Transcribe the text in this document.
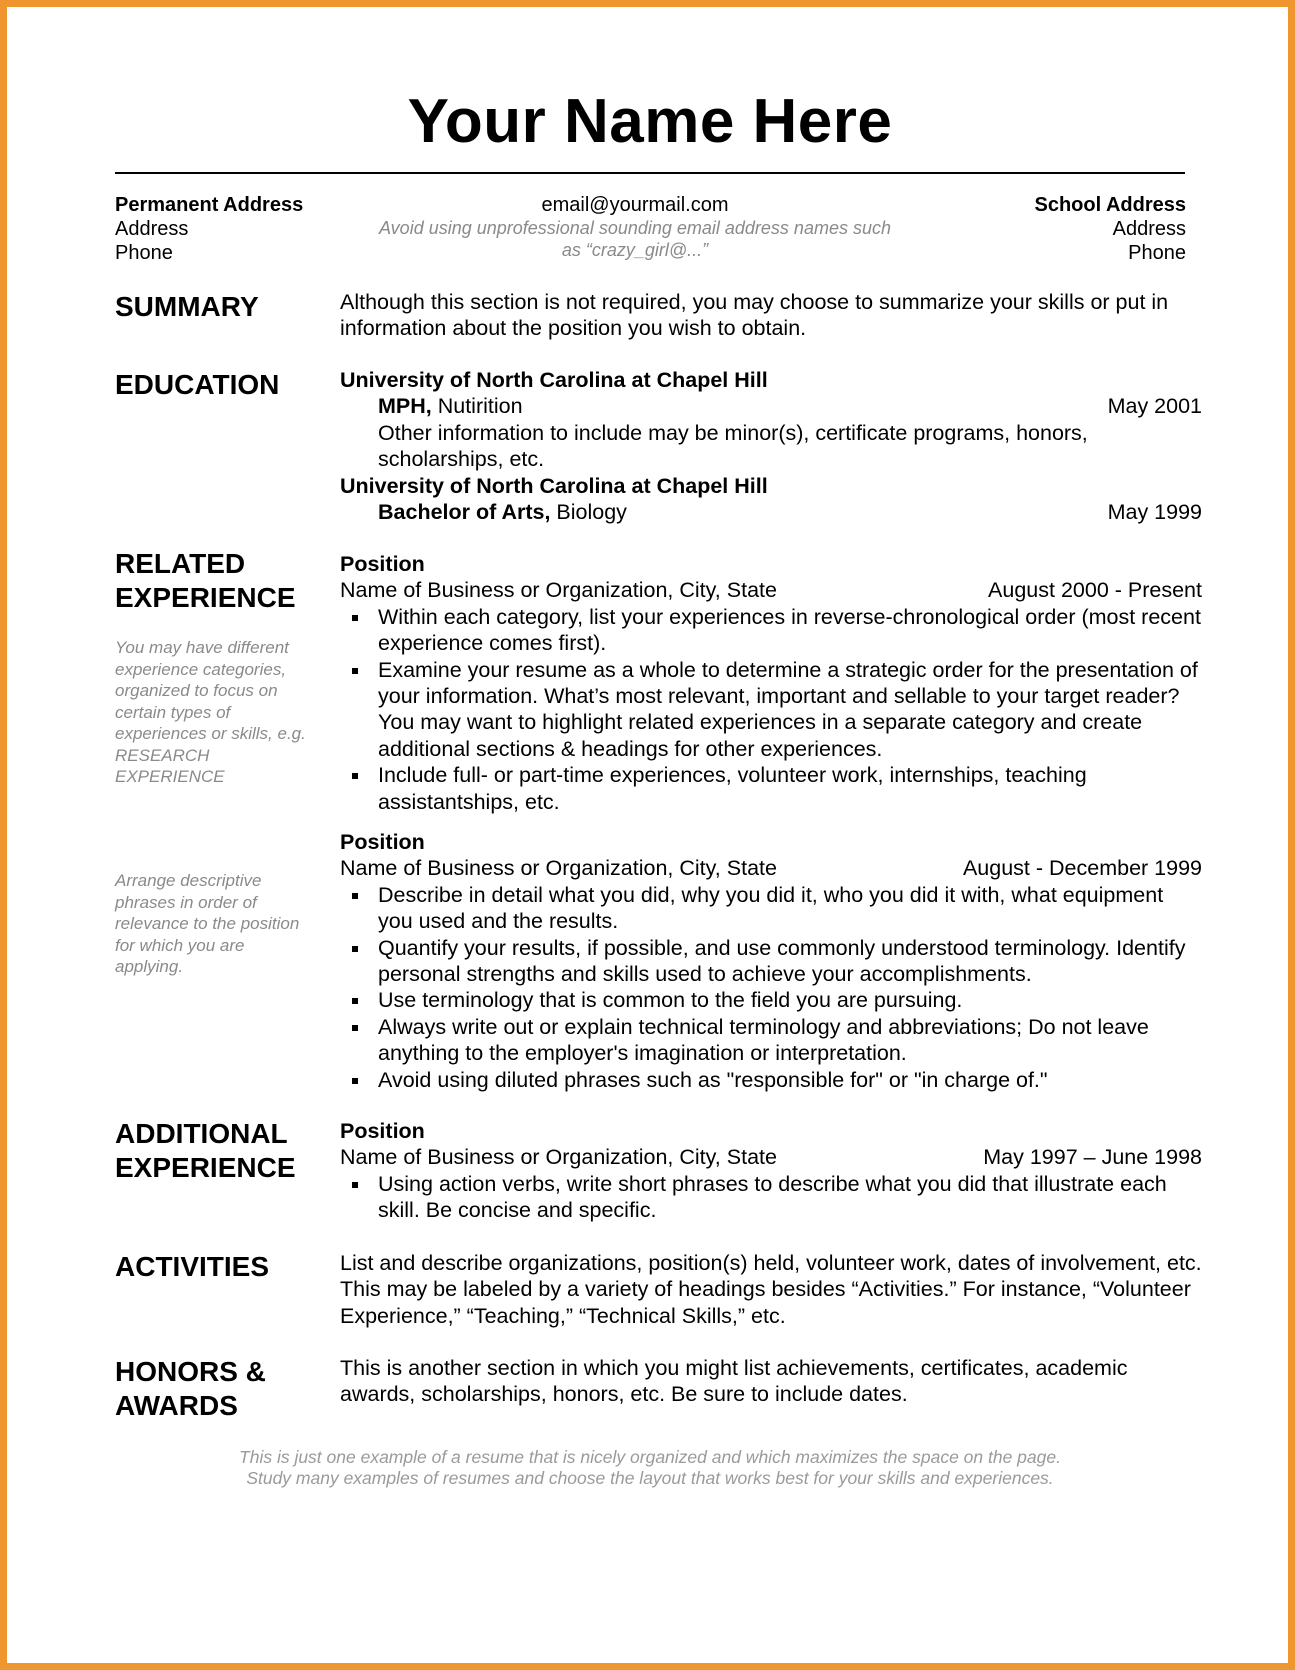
Your Name Here
Permanent Address
Address
Phone
email@yourmail.com
Avoid using unprofessional sounding email address names such
as “crazy_girl@...”
School Address
Address
Phone
SUMMARY	Although this section is not required, you may choose to summarize your skills or put in information about the position you wish to obtain.
EDUCATION	University of North Carolina at Chapel Hill
MPH, Nutirition	May 2001
Other information to include may be minor(s), certificate programs, honors, scholarships, etc.
University of North Carolina at Chapel Hill
Bachelor of Arts, Biology	May 1999
RELATED
EXPERIENCE
You may have different experience categories, organized to focus on certain types of experiences or skills, e.g. RESEARCH EXPERIENCE
Arrange descriptive phrases in order of relevance to the position for which you are applying.
Position
Name of Business or Organization, City, State	August 2000 - Present
Within each category, list your experiences in reverse-chronological order (most recent experience comes first).
Examine your resume as a whole to determine a strategic order for the presentation of your information. What’s most relevant, important and sellable to your target reader? You may want to highlight related experiences in a separate category and create additional sections & headings for other experiences.
Include full- or part-time experiences, volunteer work, internships, teaching assistantships, etc.
Position
Name of Business or Organization, City, State	August - December 1999
Describe in detail what you did, why you did it, who you did it with, what equipment you used and the results.
Quantify your results, if possible, and use commonly understood terminology. Identify personal strengths and skills used to achieve your accomplishments.
Use terminology that is common to the field you are pursuing.
Always write out or explain technical terminology and abbreviations; Do not leave anything to the employer's imagination or interpretation.
Avoid using diluted phrases such as "responsible for" or "in charge of."
ADDITIONAL
EXPERIENCE
Position
Name of Business or Organization, City, State	May 1997 – June 1998
Using action verbs, write short phrases to describe what you did that illustrate each skill. Be concise and specific.
ACTIVITIES	List and describe organizations, position(s) held, volunteer work, dates of involvement, etc. This may be labeled by a variety of headings besides “Activities.” For instance, “Volunteer Experience,” “Teaching,” “Technical Skills,” etc.
HONORS &
AWARDS
This is another section in which you might list achievements, certificates, academic awards, scholarships, honors, etc. Be sure to include dates.
This is just one example of a resume that is nicely organized and which maximizes the space on the page.
Study many examples of resumes and choose the layout that works best for your skills and experiences.
